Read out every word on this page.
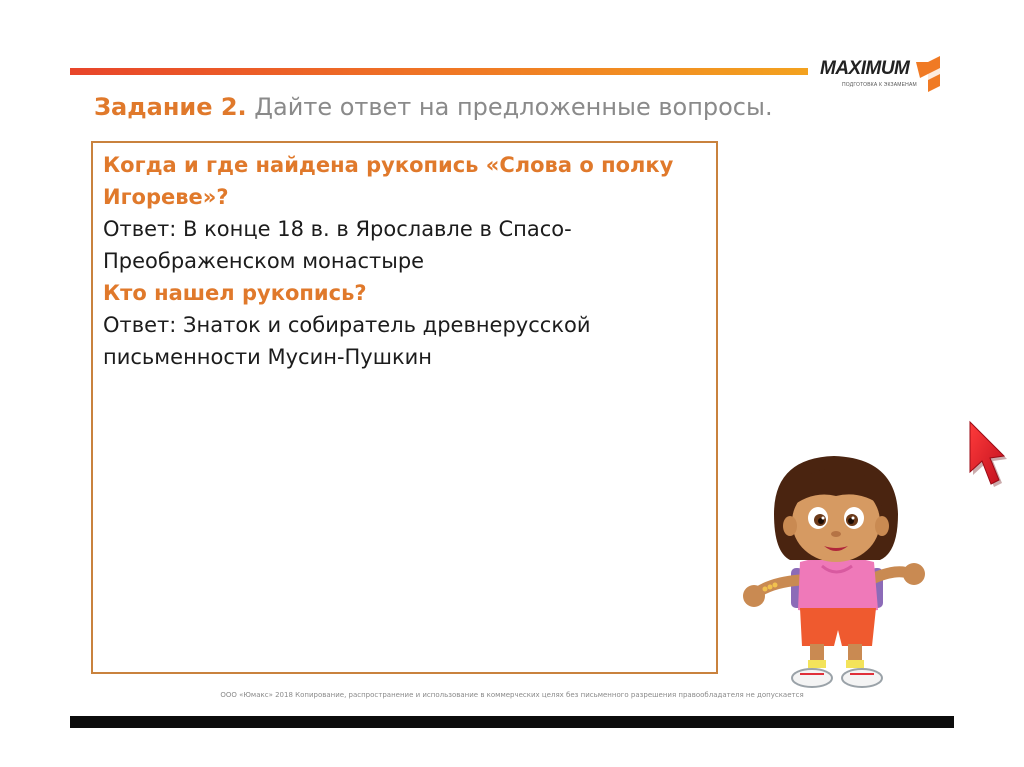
MAXIMUM
ПОДГОТОВКА К ЭКЗАМЕНАМ
Задание 2. Дайте ответ на предложенные вопросы.

Когда и где найдена рукопись «Слова о полку Игореве»?

Ответ: В конце 18 в. в Ярославле в Спасо-Преображенском монастыре

Кто нашел рукопись?

Ответ: Знаток и собиратель древнерусской письменности Мусин-Пушкин

ООО «Юмакс» 2018 Копирование, распространение и использование в коммерческих целях без письменного разрешения правообладателя не допускается
